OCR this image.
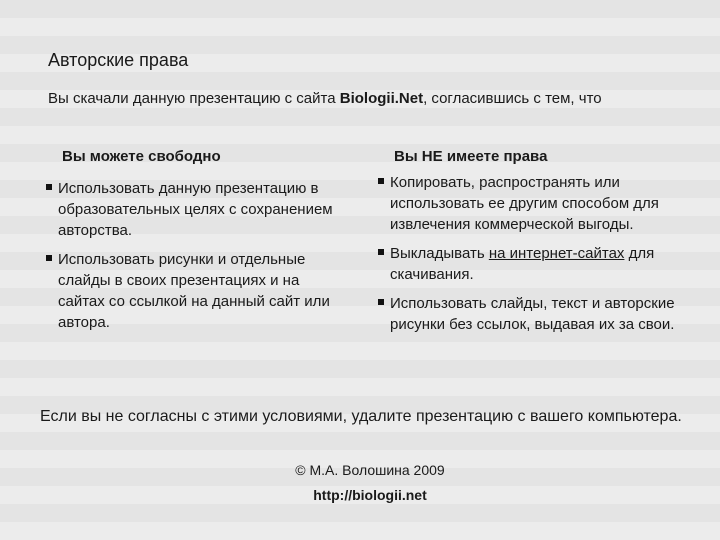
Авторские права
Вы скачали данную презентацию с сайта Biologii.Net, согласившись с тем, что
Вы можете свободно	Вы НЕ имеете права
Использовать данную презентацию в образовательных целях с сохранением авторства.
Использовать рисунки и отдельные слайды в своих презентациях и на сайтах со ссылкой на данный сайт или автора.
Копировать, распространять или использовать ее другим способом для извлечения коммерческой выгоды.
Выкладывать на интернет-сайтах для скачивания.
Использовать слайды, текст и авторские рисунки без ссылок, выдавая их за свои.
Если вы не согласны с этими условиями, удалите презентацию с вашего компьютера.
© М.А. Волошина 2009
http://biologii.net
